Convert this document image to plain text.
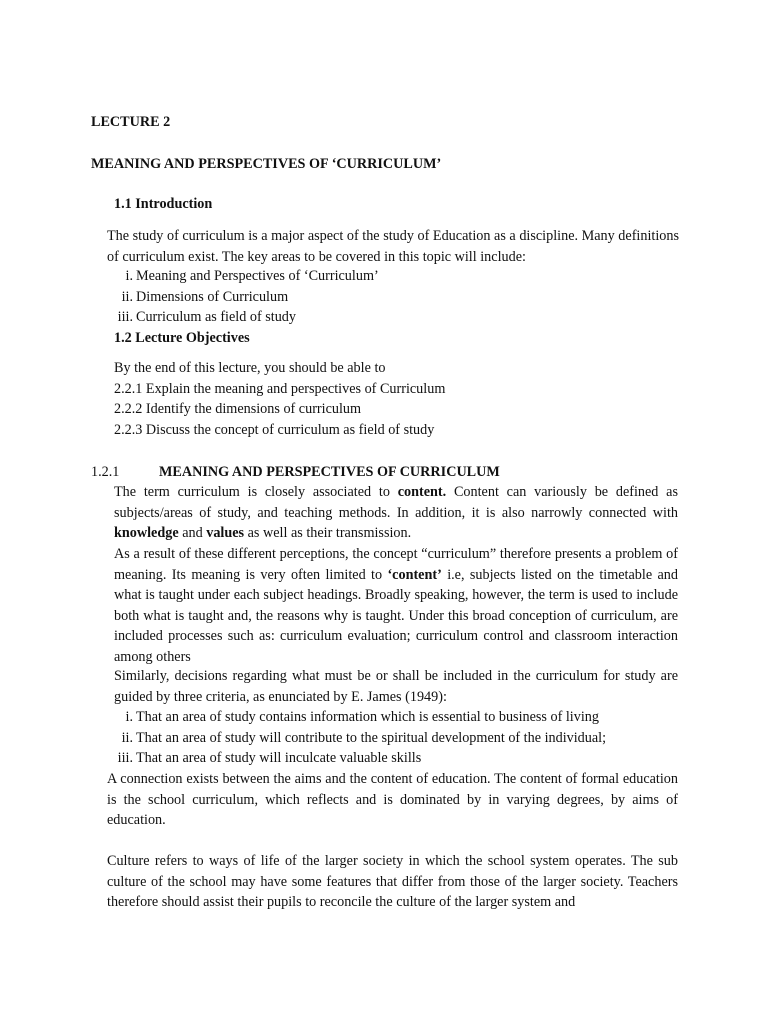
LECTURE 2
MEANING AND PERSPECTIVES OF ‘CURRICULUM’
1.1 Introduction
The study of curriculum is a major aspect of the study of Education as a discipline. Many definitions of curriculum exist. The key areas to be covered in this topic will include:
i. Meaning and Perspectives of ‘Curriculum’
ii. Dimensions of Curriculum
iii. Curriculum as field of study
1.2 Lecture Objectives
By the end of this lecture, you should be able to
2.2.1 Explain the meaning and perspectives of Curriculum
2.2.2 Identify the dimensions of curriculum
2.2.3 Discuss the concept of curriculum as field of study
1.2.1	MEANING AND PERSPECTIVES OF CURRICULUM
The term curriculum is closely associated to content. Content can variously be defined as subjects/areas of study, and teaching methods. In addition, it is also narrowly connected with knowledge and values as well as their transmission.
As a result of these different perceptions, the concept “curriculum” therefore presents a problem of meaning. Its meaning is very often limited to ‘content’ i.e, subjects listed on the timetable and what is taught under each subject headings. Broadly speaking, however, the term is used to include both what is taught and, the reasons why is taught. Under this broad conception of curriculum, are included processes such as: curriculum evaluation; curriculum control and classroom interaction among others
Similarly, decisions regarding what must be or shall be included in the curriculum for study are guided by three criteria, as enunciated by E. James (1949):
i. That an area of study contains information which is essential to business of living
ii. That an area of study will contribute to the spiritual development of the individual;
iii. That an area of study will inculcate valuable skills
A connection exists between the aims and the content of education. The content of formal education is the school curriculum, which reflects and is dominated by in varying degrees, by aims of education.
Culture refers to ways of life of the larger society in which the school system operates. The sub culture of the school may have some features that differ from those of the larger society. Teachers therefore should assist their pupils to reconcile the culture of the larger system and
